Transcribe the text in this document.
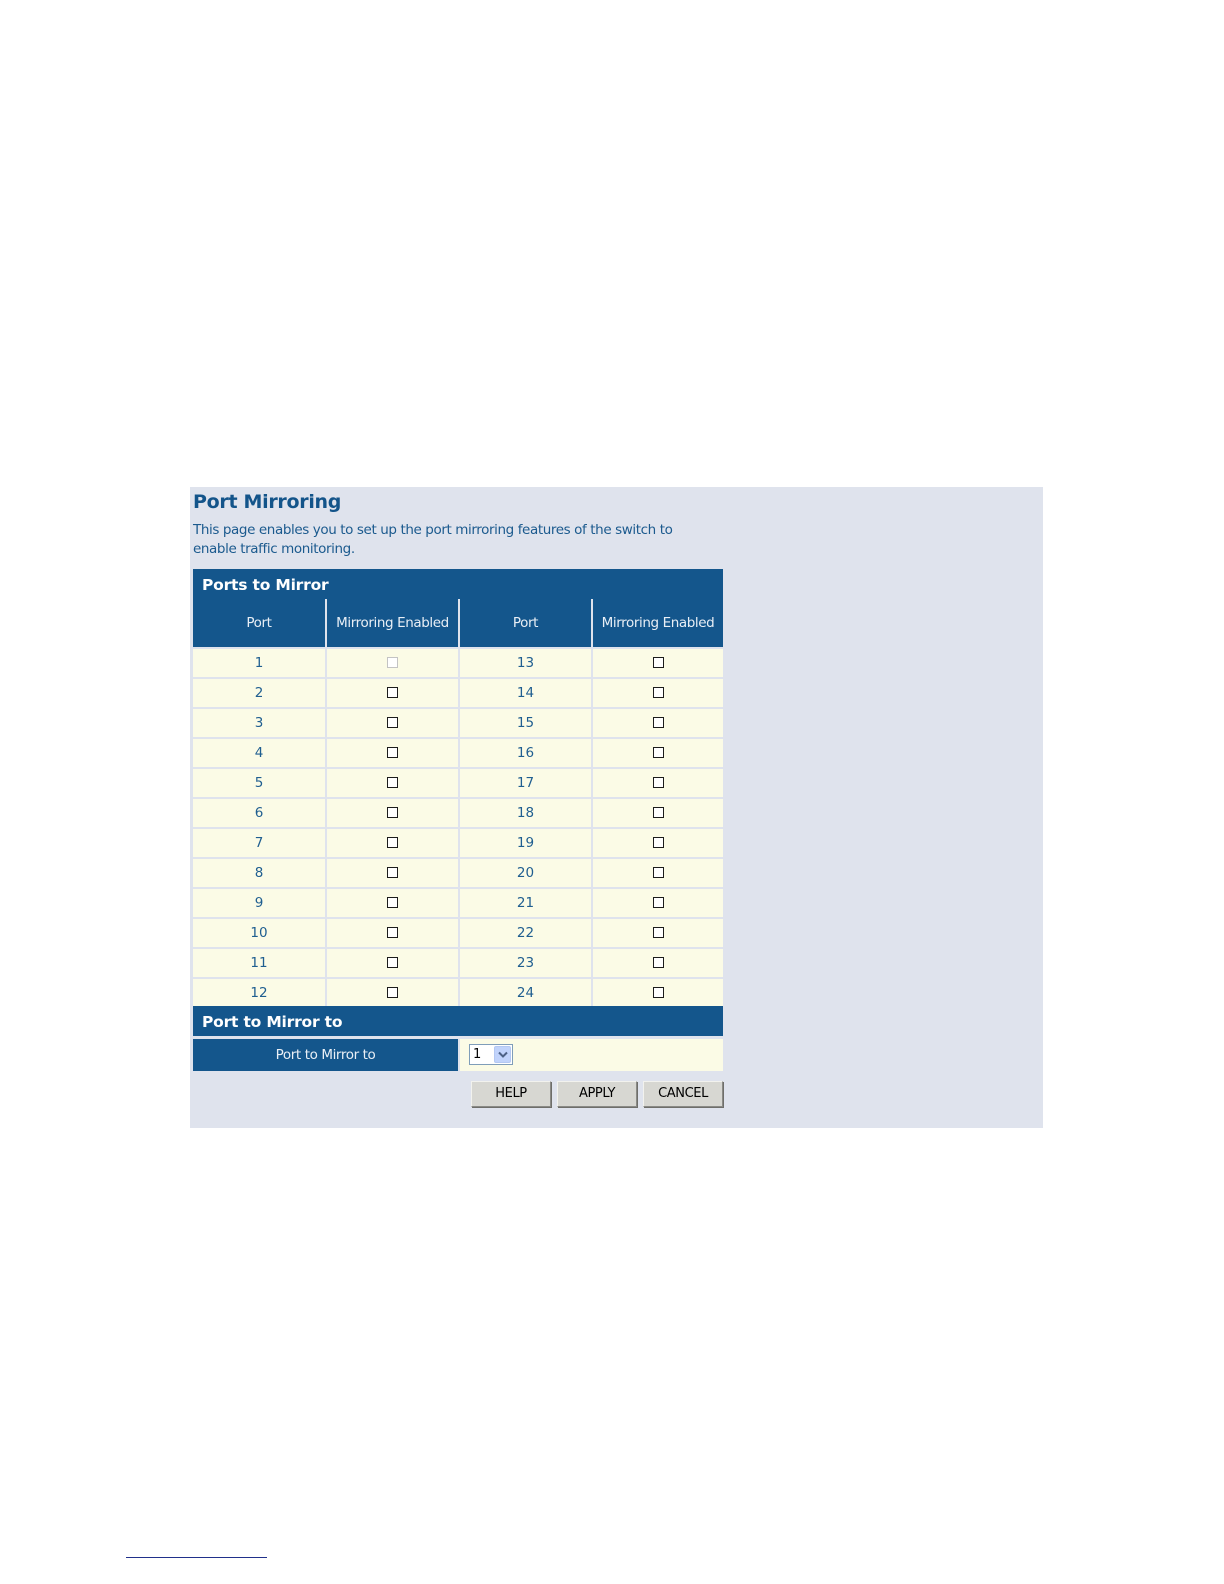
Port Mirroring
This page enables you to set up the port mirroring features of the switch to enable traffic monitoring.
Ports to Mirror
Port	Mirroring Enabled	Port	Mirroring Enabled
1		13	
2		14	
3		15	
4		16	
5		17	
6		18	
7		19	
8		20	
9		21	
10		22	
11		23	
12		24	
Port to Mirror to
Port to Mirror to	1
HELP	APPLY	CANCEL
